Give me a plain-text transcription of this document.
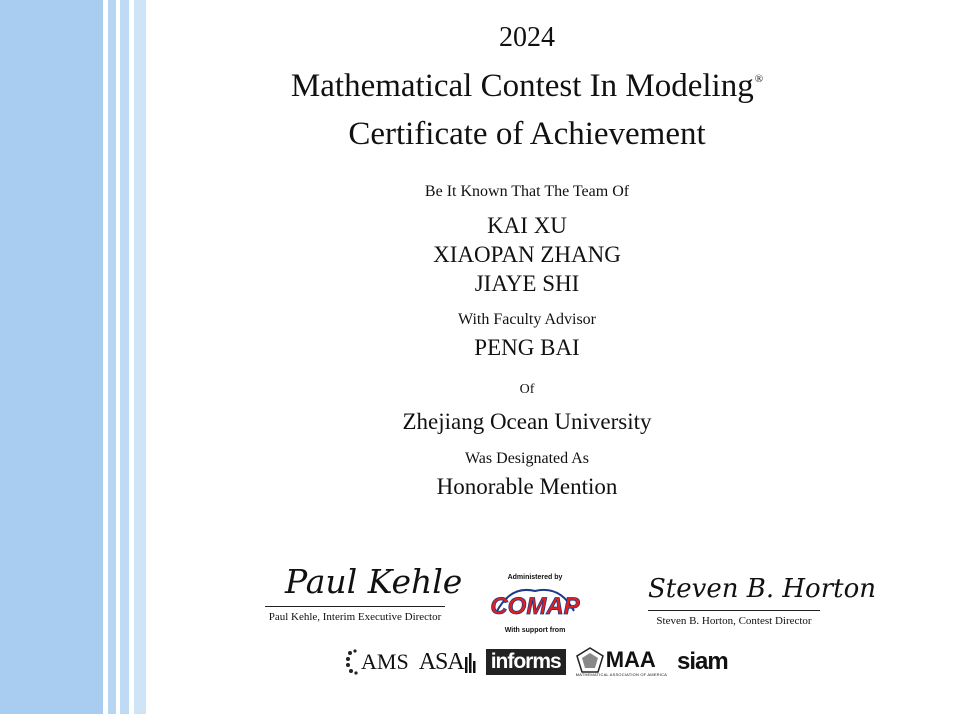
2024
Mathematical Contest In Modeling®
Certificate of Achievement
Be It Known That The Team Of
KAI XU
XIAOPAN ZHANG
JIAYE SHI
With Faculty Advisor
PENG BAI
Of
Zhejiang Ocean University
Was Designated As
Honorable Mention
Paul Kehle
Paul Kehle, Interim Executive Director
Steven B. Horton
Steven B. Horton, Contest Director
Administered by
COMAP
With support from
AMS ASA informs MAA
MATHEMATICAL ASSOCIATION OF AMERICA siam
